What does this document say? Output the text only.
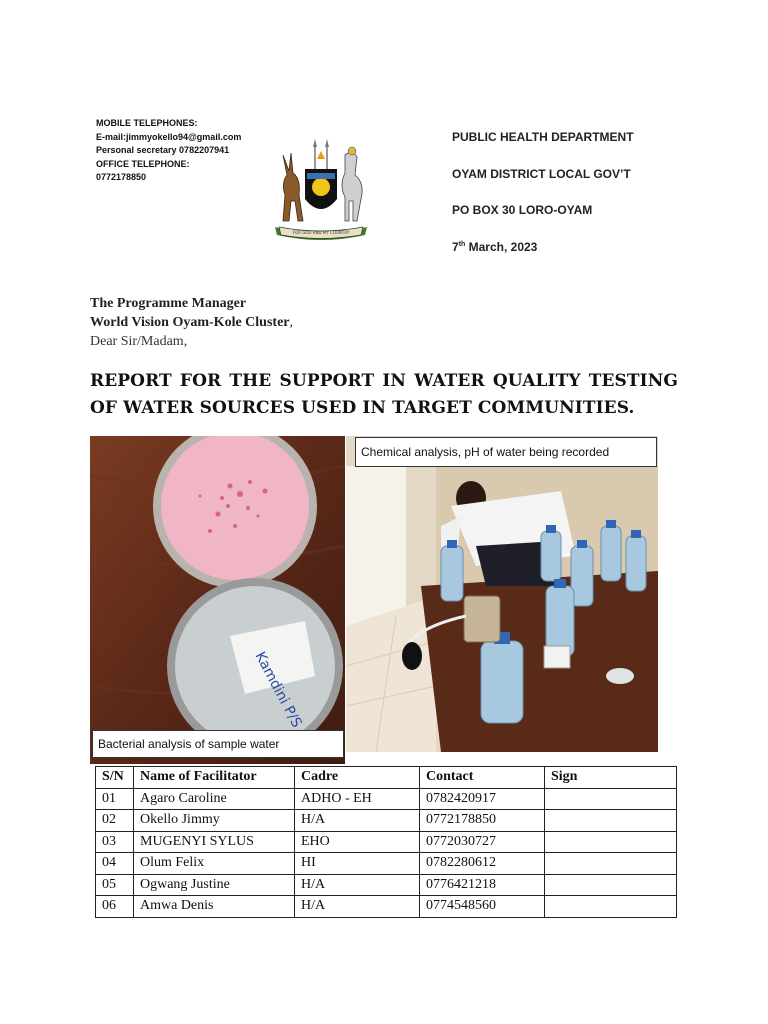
MOBILE TELEPHONES:
E-mail:jimmyokello94@gmail.com
Personal secretary 0782207941
OFFICE TELEPHONE:
0772178850
FOR GOD AND MY COUNTRY
PUBLIC HEALTH DEPARTMENT
OYAM DISTRICT LOCAL GOV’T
PO BOX 30 LORO-OYAM
7th March, 2023
The Programme Manager
World Vision Oyam-Kole Cluster,
Dear Sir/Madam,
REPORT FOR THE SUPPORT IN WATER QUALITY TESTING OF WATER SOURCES USED IN TARGET COMMUNITIES.
Kamdini P/S
Bacterial analysis of sample water
Chemical analysis, pH of water being recorded
S/N	Name of Facilitator	Cadre	Contact	Sign
01	Agaro Caroline	ADHO - EH	0782420917	
02	Okello Jimmy	H/A	0772178850	
03	MUGENYI SYLUS	EHO	0772030727	
04	Olum Felix	HI	0782280612	
05	Ogwang Justine	H/A	0776421218	
06	Amwa Denis	H/A	0774548560	
